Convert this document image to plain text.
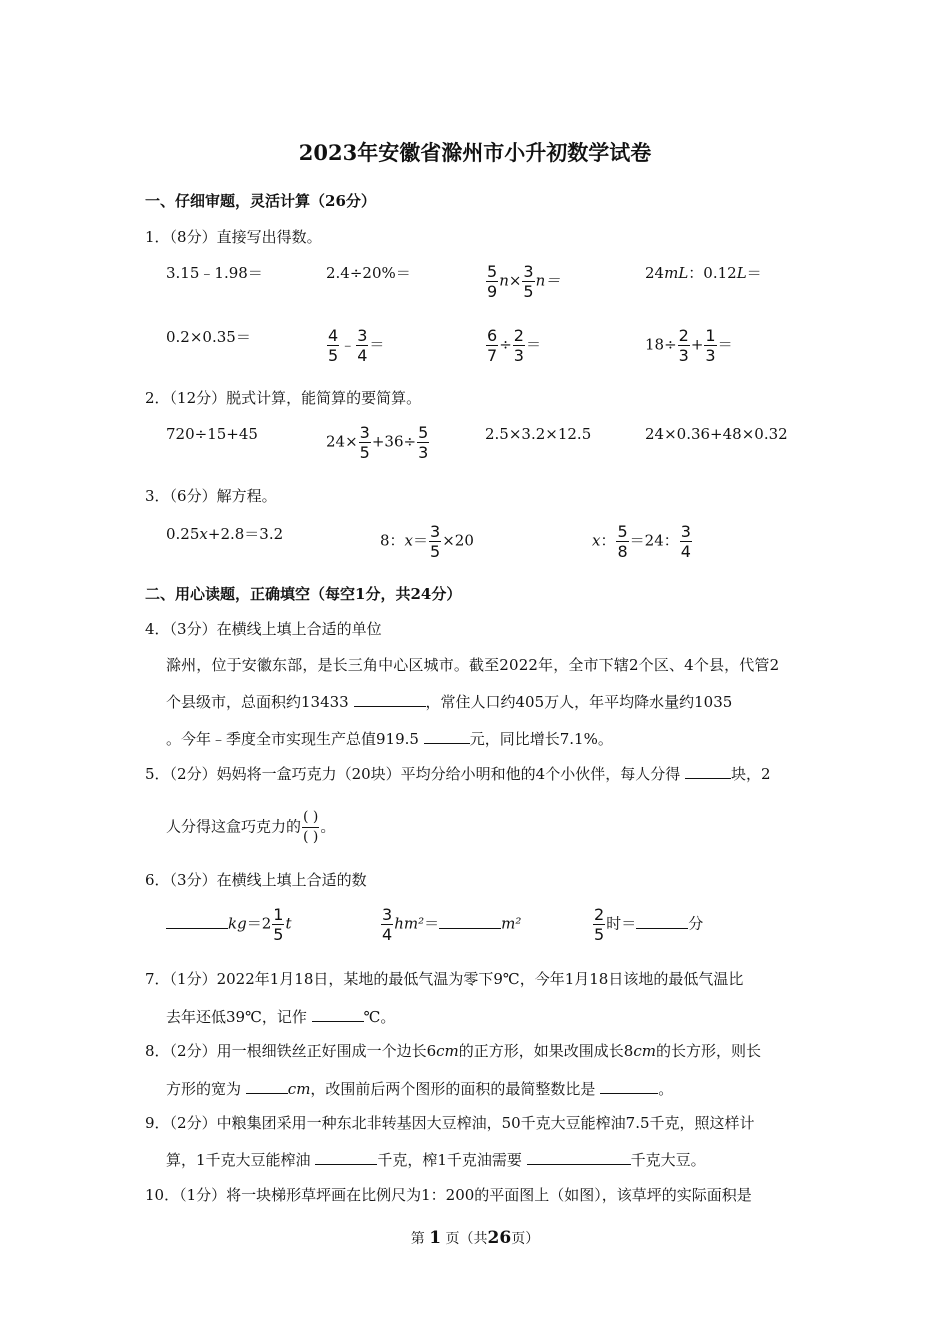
2023年安徽省滁州市小升初数学试卷
一、仔细审题，灵活计算（26分）
1．（8分）直接写出得数。
3.15﹣1.98＝	2.4÷20%＝	$\frac{5}{9} n\times \frac{3}{5} n=$	24mL：0.12L＝
0.2×0.35＝	$\frac{4}{5}$ ﹣ $\frac{3}{4}$ ＝	$\frac{6}{7} \div \frac{2}{3}$ ＝	$18\div \frac{2}{3} + \frac{1}{3}$ ＝
2．（12分）脱式计算，能简算的要简算。
720÷15+45	$24\times \frac{3}{5} +36\div \frac{5}{3}$	2.5×3.2×12.5	24×0.36+48×0.32
3．（6分）解方程。
0.25x+2.8＝3.2	8：$x= \frac{3}{5} \times 20$	x： $\frac{5}{8} =24$： $\frac{3}{4}$
二、用心读题，正确填空（每空1分，共24分）
4．（3分）在横线上填上合适的单位
滁州，位于安徽东部，是长三角中心区城市。截至2022年，全市下辖2个区、4个县，代管2
个县级市，总面积约13433	，常住人口约405万人，年平均降水量约1035
。今年﹣季度全市实现生产总值919.5	元，同比增长7.1%。
5．（2分）妈妈将一盒巧克力（20块）平均分给小明和他的4个小伙伴，每人分得	块，2
人分得这盒巧克力的 $\frac{( )}{( )}$ 。
6．（3分）在横线上填上合适的数
$kg=2 \frac{1}{5}$ t	$\frac{3}{4} hm^2=$	m²	$\frac{2}{5}$ 时＝	分
7．（1分）2022年1月18日，某地的最低气温为零下9℃，今年1月18日该地的最低气温比
去年还低39℃，记作	℃。
8．（2分）用一根细铁丝正好围成一个边长6cm的正方形，如果改围成长8cm的长方形，则长
方形的宽为	cm，改围前后两个图形的面积的最简整数比是	。
9．（2分）中粮集团采用一种东北非转基因大豆榨油，50千克大豆能榨油7.5千克，照这样计
算，1千克大豆能榨油	千克，榨1千克油需要	千克大豆。
10．（1分）将一块梯形草坪画在比例尺为1：200的平面图上（如图），该草坪的实际面积是
第 1 页（共26页）
